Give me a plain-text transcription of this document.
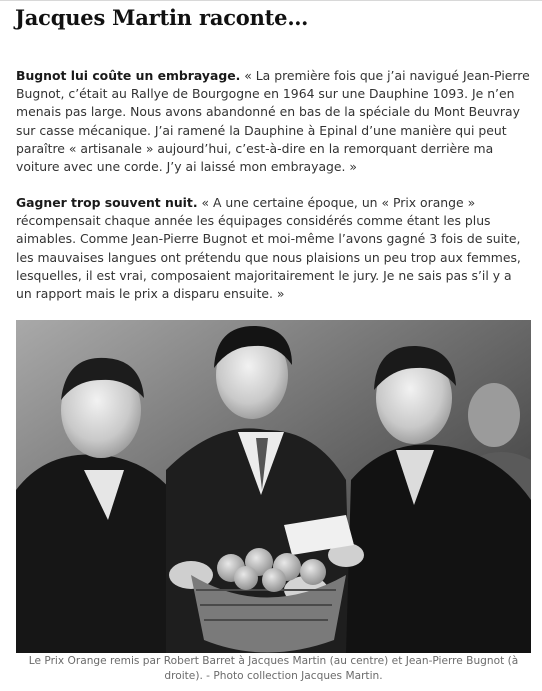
Jacques Martin raconte…

Bugnot lui coûte un embrayage. « La première fois que j’ai navigué Jean-Pierre Bugnot, c’était au Rallye de Bourgogne en 1964 sur une Dauphine 1093. Je n’en menais pas large. Nous avons abandonné en bas de la spéciale du Mont Beuvray sur casse mécanique. J’ai ramené la Dauphine à Epinal d’une manière qui peut paraître « artisanale » aujourd’hui, c’est-à-dire en la remorquant derrière ma voiture avec une corde. J’y ai laissé mon embrayage. »

Gagner trop souvent nuit. « A une certaine époque, un « Prix orange » récompensait chaque année les équipages considérés comme étant les plus aimables. Comme Jean-Pierre Bugnot et moi-même l’avons gagné 3 fois de suite, les mauvaises langues ont prétendu que nous plaisions un peu trop aux femmes, lesquelles, il est vrai, composaient majoritairement le jury. Je ne sais pas s’il y a un rapport mais le prix a disparu ensuite. »

Le Prix Orange remis par Robert Barret à Jacques Martin (au centre) et Jean-Pierre Bugnot (à droite). - Photo collection Jacques Martin.
